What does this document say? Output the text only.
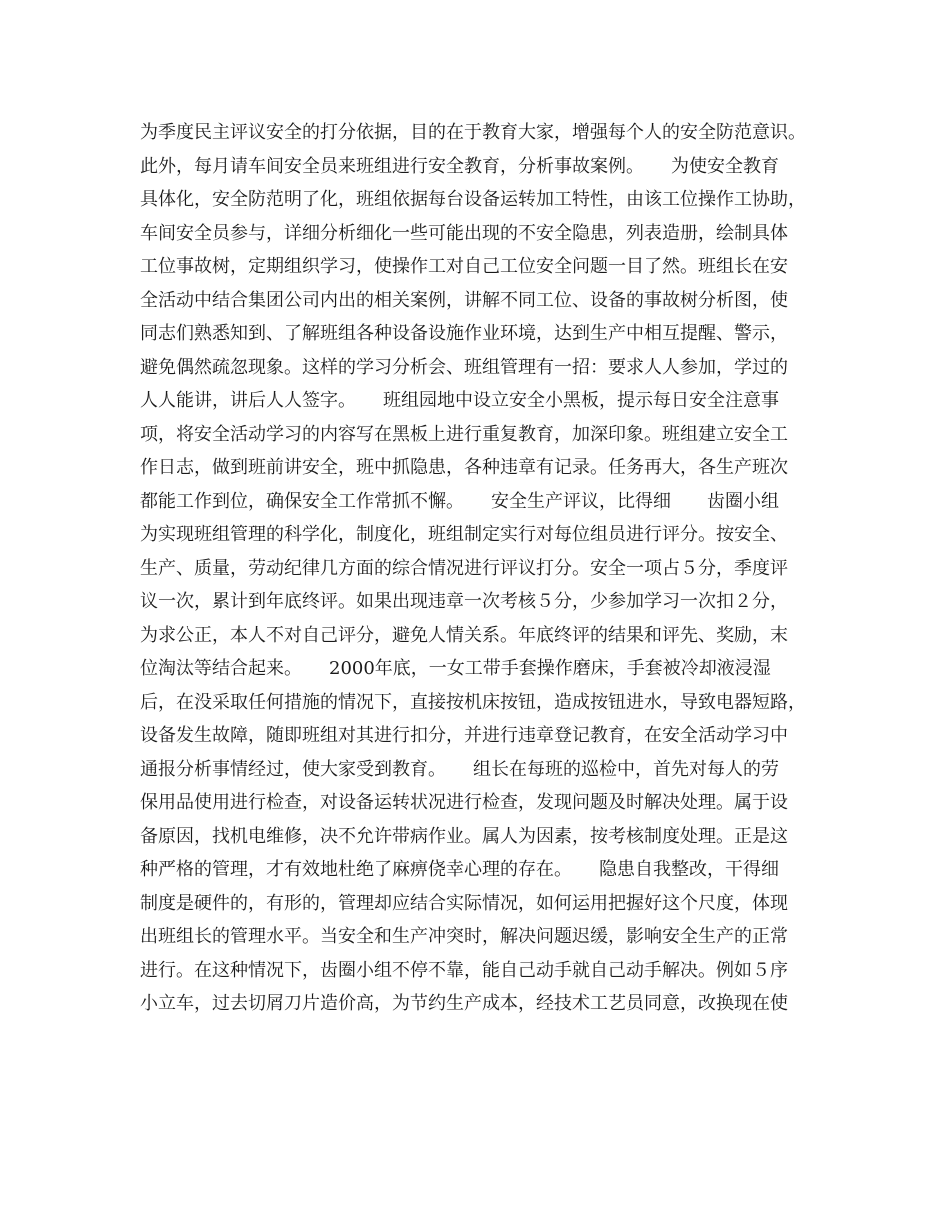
为季度民主评议安全的打分依据，目的在于教育大家，增强每个人的安全防范意识。
此外，每月请车间安全员来班组进行安全教育，分析事故案例。　　为使安全教育
具体化，安全防范明了化，班组依据每台设备运转加工特性，由该工位操作工协助，
车间安全员参与，详细分析细化一些可能出现的不安全隐患，列表造册，绘制具体
工位事故树，定期组织学习，使操作工对自己工位安全问题一目了然。班组长在安
全活动中结合集团公司内出的相关案例，讲解不同工位、设备的事故树分析图，使
同志们熟悉知到、了解班组各种设备设施作业环境，达到生产中相互提醒、警示，
避免偶然疏忽现象。这样的学习分析会、班组管理有一招：要求人人参加，学过的
人人能讲，讲后人人签字。　　班组园地中设立安全小黑板，提示每日安全注意事
项，将安全活动学习的内容写在黑板上进行重复教育，加深印象。班组建立安全工
作日志，做到班前讲安全，班中抓隐患，各种违章有记录。任务再大，各生产班次
都能工作到位，确保安全工作常抓不懈。　　安全生产评议，比得细　　齿圈小组
为实现班组管理的科学化，制度化，班组制定实行对每位组员进行评分。按安全、
生产、质量，劳动纪律几方面的综合情况进行评议打分。安全一项占５分，季度评
议一次，累计到年底终评。如果出现违章一次考核５分，少参加学习一次扣２分，
为求公正，本人不对自己评分，避免人情关系。年底终评的结果和评先、奖励，末
位淘汰等结合起来。　　2000年底，一女工带手套操作磨床，手套被冷却液浸湿
后，在没采取任何措施的情况下，直接按机床按钮，造成按钮进水，导致电器短路，
设备发生故障，随即班组对其进行扣分，并进行违章登记教育，在安全活动学习中
通报分析事情经过，使大家受到教育。　　组长在每班的巡检中，首先对每人的劳
保用品使用进行检查，对设备运转状况进行检查，发现问题及时解决处理。属于设
备原因，找机电维修，决不允许带病作业。属人为因素，按考核制度处理。正是这
种严格的管理，才有效地杜绝了麻痹侥幸心理的存在。　　隐患自我整改，干得细
制度是硬件的，有形的，管理却应结合实际情况，如何运用把握好这个尺度，体现
出班组长的管理水平。当安全和生产冲突时，解决问题迟缓，影响安全生产的正常
进行。在这种情况下，齿圈小组不停不靠，能自己动手就自己动手解决。例如５序
小立车，过去切屑刀片造价高，为节约生产成本，经技术工艺员同意，改换现在使
